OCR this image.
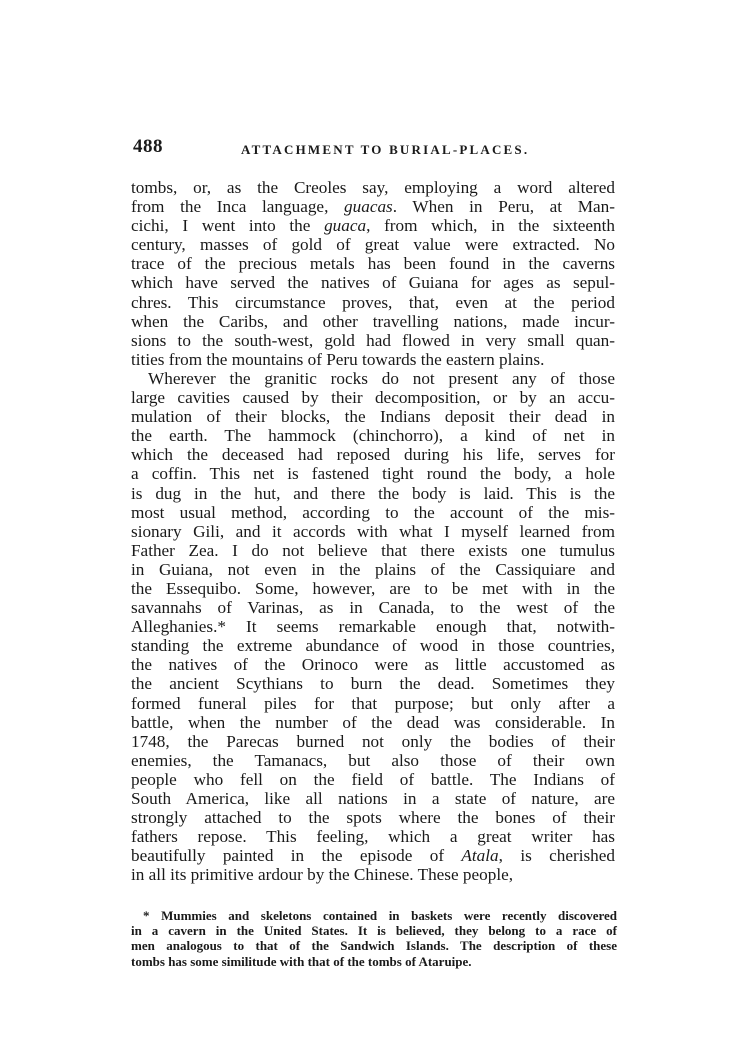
488	ATTACHMENT TO BURIAL-PLACES.
tombs, or, as the Creoles say, employing a word altered
from the Inca language, guacas. When in Peru, at Man-
cichi, I went into the guaca, from which, in the sixteenth
century, masses of gold of great value were extracted. No
trace of the precious metals has been found in the caverns
which have served the natives of Guiana for ages as sepul-
chres. This circumstance proves, that, even at the period
when the Caribs, and other travelling nations, made incur-
sions to the south-west, gold had flowed in very small quan-
tities from the mountains of Peru towards the eastern plains.
Wherever the granitic rocks do not present any of those
large cavities caused by their decomposition, or by an accu-
mulation of their blocks, the Indians deposit their dead in
the earth. The hammock (chinchorro), a kind of net in
which the deceased had reposed during his life, serves for
a coffin. This net is fastened tight round the body, a hole
is dug in the hut, and there the body is laid. This is the
most usual method, according to the account of the mis-
sionary Gili, and it accords with what I myself learned from
Father Zea. I do not believe that there exists one tumulus
in Guiana, not even in the plains of the Cassiquiare and
the Essequibo. Some, however, are to be met with in the
savannahs of Varinas, as in Canada, to the west of the
Alleghanies.* It seems remarkable enough that, notwith-
standing the extreme abundance of wood in those countries,
the natives of the Orinoco were as little accustomed as
the ancient Scythians to burn the dead. Sometimes they
formed funeral piles for that purpose; but only after a
battle, when the number of the dead was considerable. In
1748, the Parecas burned not only the bodies of their
enemies, the Tamanacs, but also those of their own
people who fell on the field of battle. The Indians of
South America, like all nations in a state of nature, are
strongly attached to the spots where the bones of their
fathers repose. This feeling, which a great writer has
beautifully painted in the episode of Atala, is cherished
in all its primitive ardour by the Chinese. These people,
* Mummies and skeletons contained in baskets were recently discovered
in a cavern in the United States. It is believed, they belong to a race of
men analogous to that of the Sandwich Islands. The description of these
tombs has some similitude with that of the tombs of Ataruipe.
